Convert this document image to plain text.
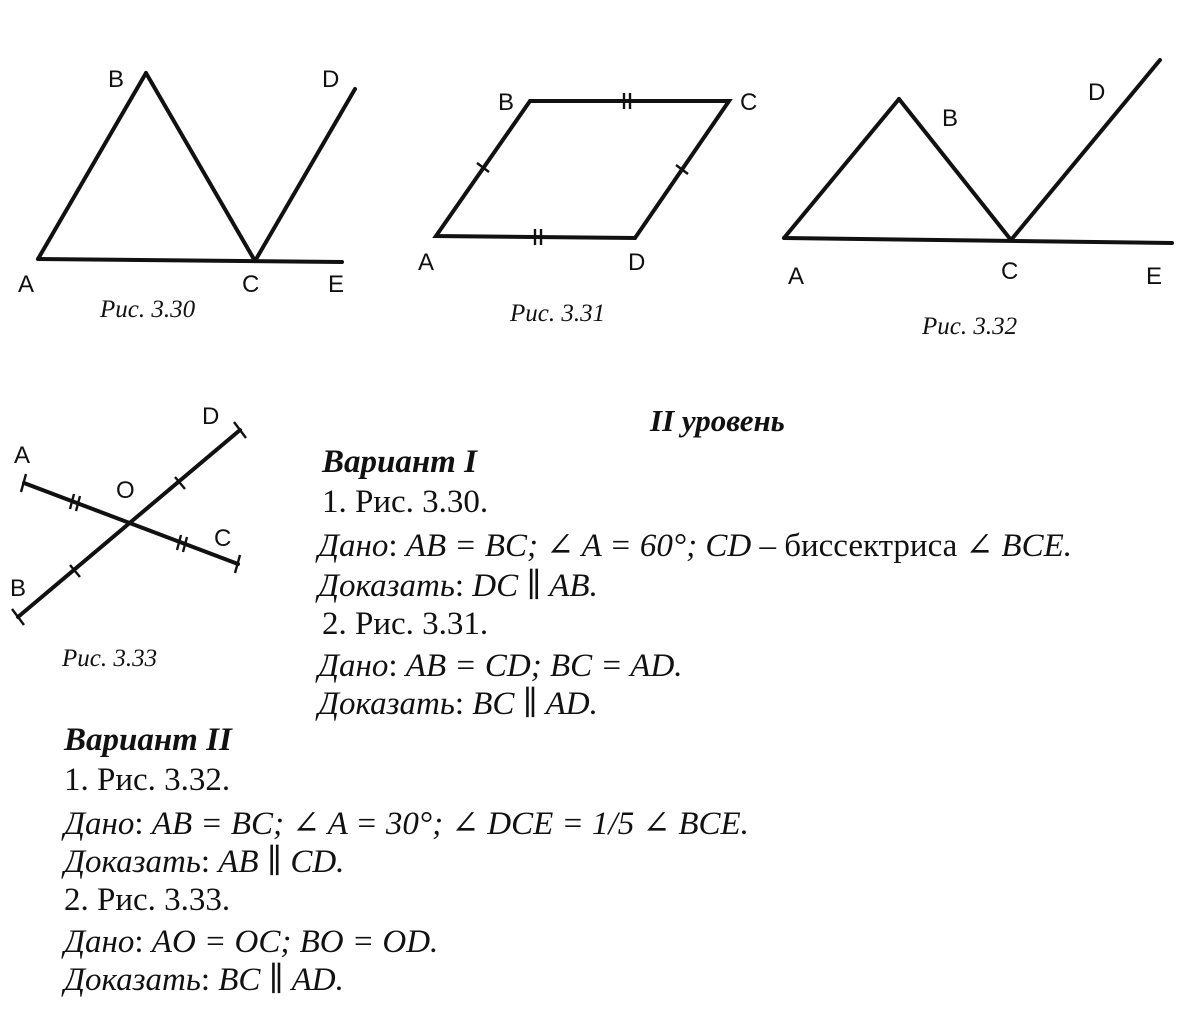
A
B
C
D
E
Рис. 3.30
A
B	C
D
Рис. 3.31
A
B
C
D
E
Рис. 3.32
A
B
C
D
O
Рис. 3.33
II уровень
Вариант I
1. Рис. 3.30.
Дано: AB = BC; ∠ A = 60°; CD – биссектриса ∠ BCE.
Доказать: DC ∥ AB.
2. Рис. 3.31.
Дано: AB = CD; BC = AD.
Доказать: BC ∥ AD.
Вариант II
1. Рис. 3.32.
Дано: AB = BC; ∠ A = 30°; ∠ DCE = 1/5 ∠ BCE.
Доказать: AB ∥ CD.
2. Рис. 3.33.
Дано: AO = OC; BO = OD.
Доказать: BC ∥ AD.
